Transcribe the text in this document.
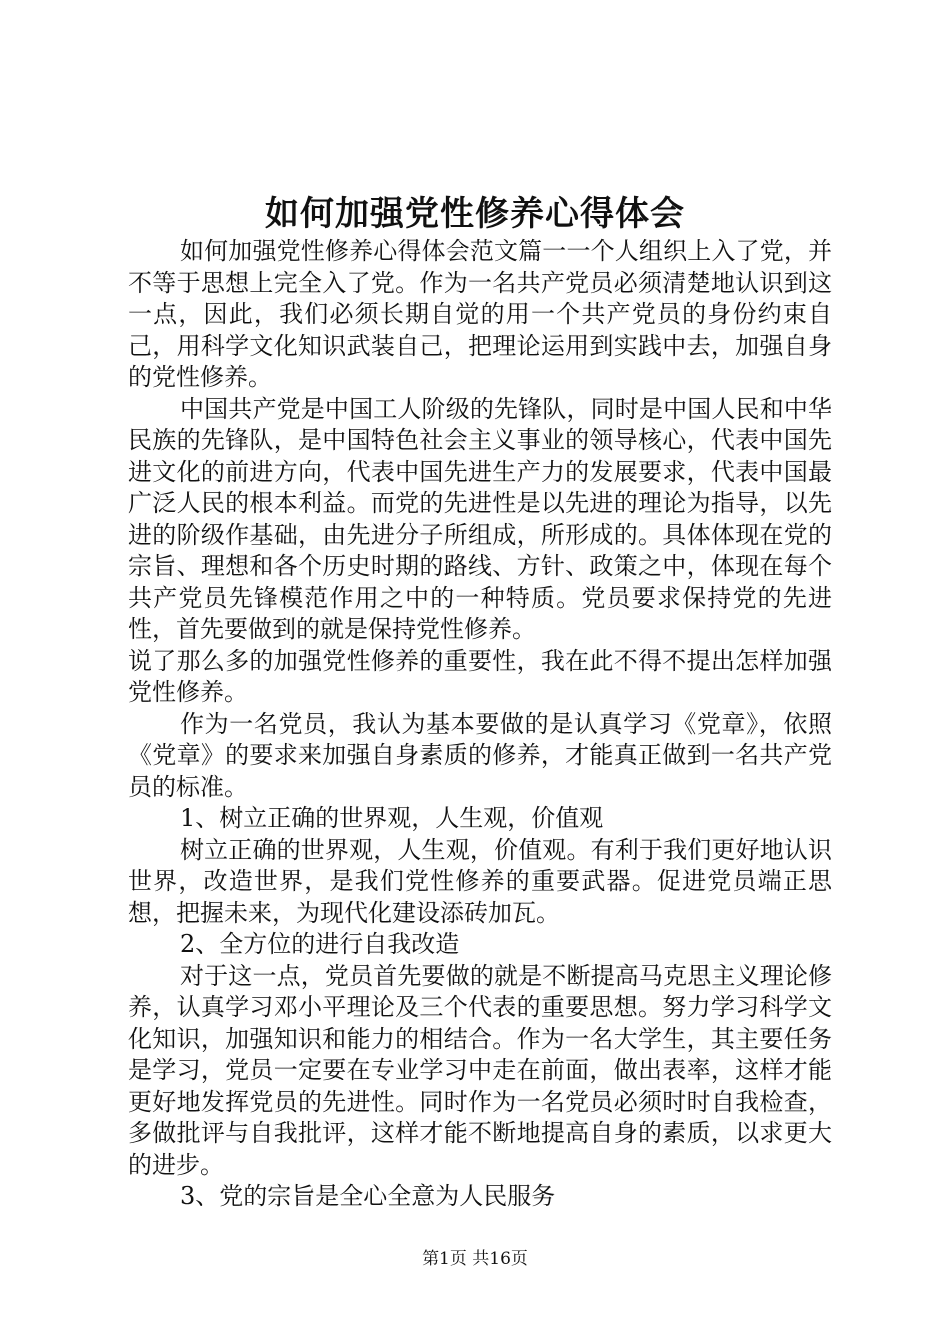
如何加强党性修养心得体会

如何加强党性修养心得体会范文篇一一个人组织上入了党，并不等于思想上完全入了党。作为一名共产党员必须清楚地认识到这一点，因此，我们必须长期自觉的用一个共产党员的身份约束自己，用科学文化知识武装自己，把理论运用到实践中去，加强自身的党性修养。

中国共产党是中国工人阶级的先锋队，同时是中国人民和中华民族的先锋队，是中国特色社会主义事业的领导核心，代表中国先进文化的前进方向，代表中国先进生产力的发展要求，代表中国最广泛人民的根本利益。而党的先进性是以先进的理论为指导，以先进的阶级作基础，由先进分子所组成，所形成的。具体体现在党的宗旨、理想和各个历史时期的路线、方针、政策之中，体现在每个共产党员先锋模范作用之中的一种特质。党员要求保持党的先进性，首先要做到的就是保持党性修养。

说了那么多的加强党性修养的重要性，我在此不得不提出怎样加强党性修养。

作为一名党员，我认为基本要做的是认真学习《党章》，依照《党章》的要求来加强自身素质的修养，才能真正做到一名共产党员的标准。

1、树立正确的世界观，人生观，价值观

树立正确的世界观，人生观，价值观。有利于我们更好地认识世界，改造世界，是我们党性修养的重要武器。促进党员端正思想，把握未来，为现代化建设添砖加瓦。

2、全方位的进行自我改造

对于这一点，党员首先要做的就是不断提高马克思主义理论修养，认真学习邓小平理论及三个代表的重要思想。努力学习科学文化知识，加强知识和能力的相结合。作为一名大学生，其主要任务是学习，党员一定要在专业学习中走在前面，做出表率，这样才能更好地发挥党员的先进性。同时作为一名党员必须时时自我检查，多做批评与自我批评，这样才能不断地提高自身的素质，以求更大的进步。

3、党的宗旨是全心全意为人民服务

第1页 共16页
